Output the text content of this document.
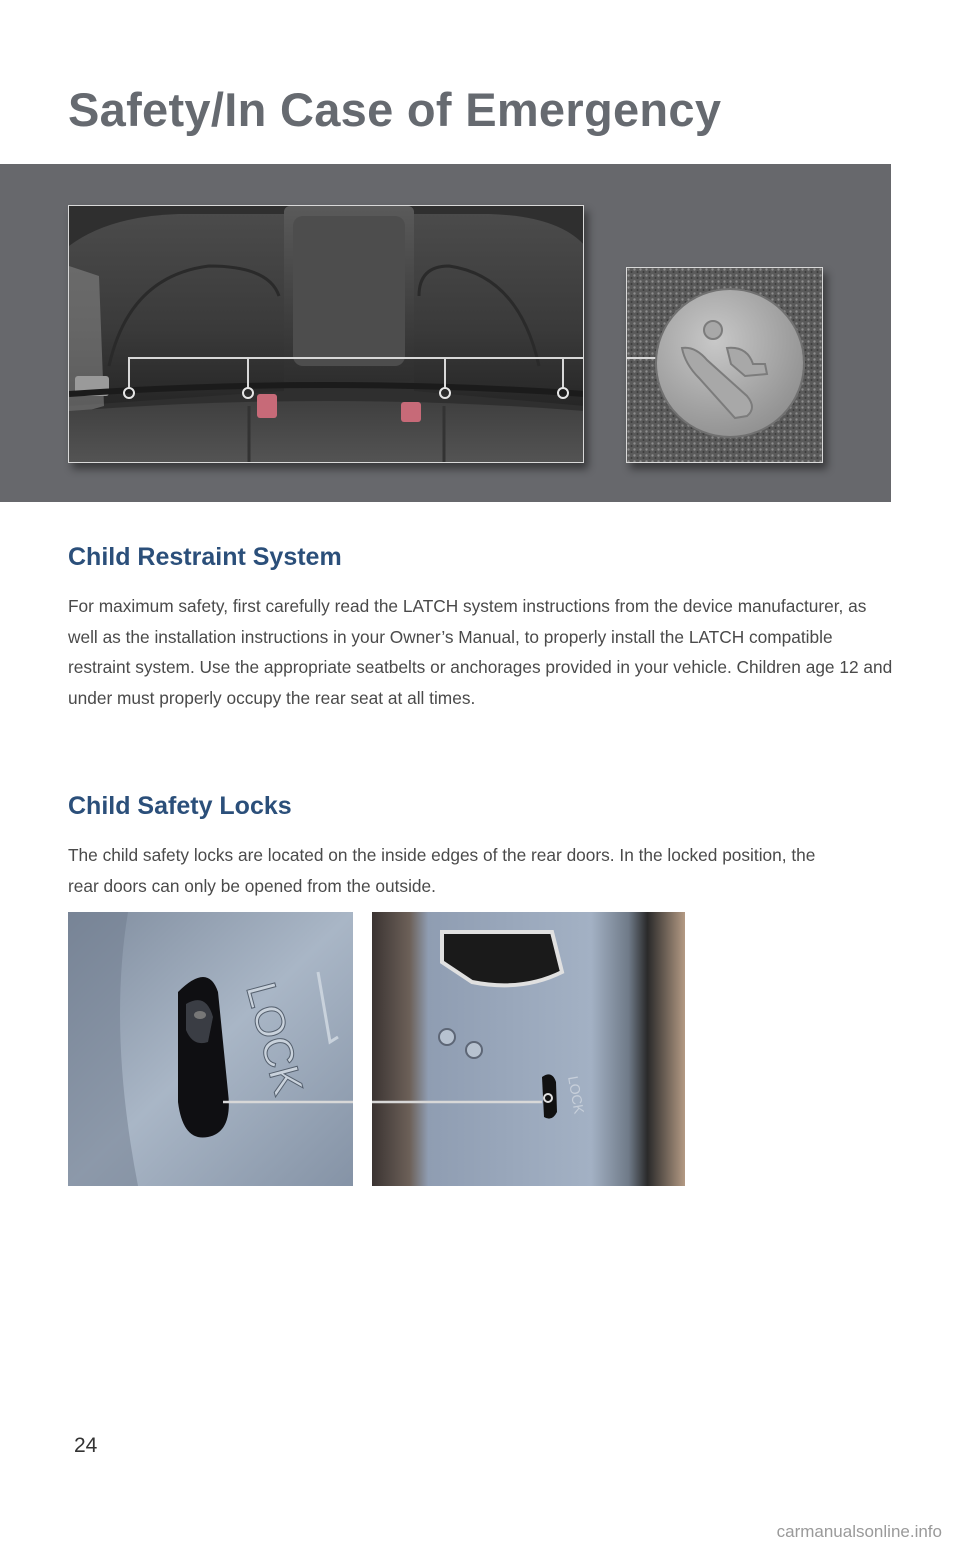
Safety/In Case of Emergency
Child Restraint System

For maximum safety, first carefully read the LATCH system instructions from the device manufacturer, as well as the installation instructions in your Owner’s Manual, to properly install the LATCH compatible restraint system. Use the appropriate seatbelts or anchorages provided in your vehicle. Children age 12 and under must properly occupy the rear seat at all times.

Child Safety Locks

The child safety locks are located on the inside edges of the rear doors. In the locked position, the rear doors can only be opened from the outside.

LOCK	LOCK
24
carmanualsonline.info
